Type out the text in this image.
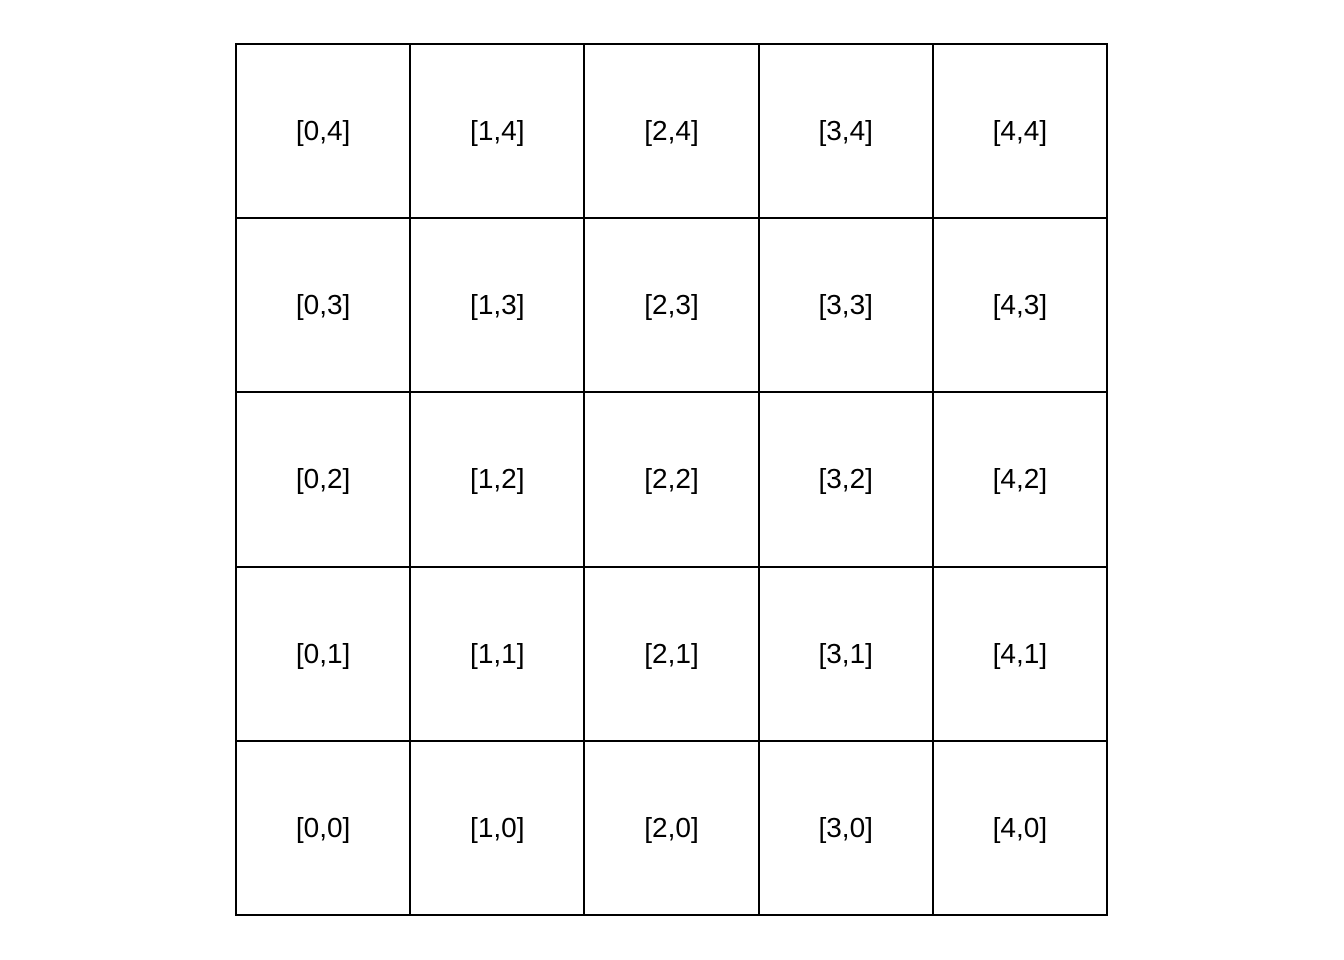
[0,4]	[1,4]	[2,4]	[3,4]	[4,4]
[0,3]	[1,3]	[2,3]	[3,3]	[4,3]
[0,2]	[1,2]	[2,2]	[3,2]	[4,2]
[0,1]	[1,1]	[2,1]	[3,1]	[4,1]
[0,0]	[1,0]	[2,0]	[3,0]	[4,0]
